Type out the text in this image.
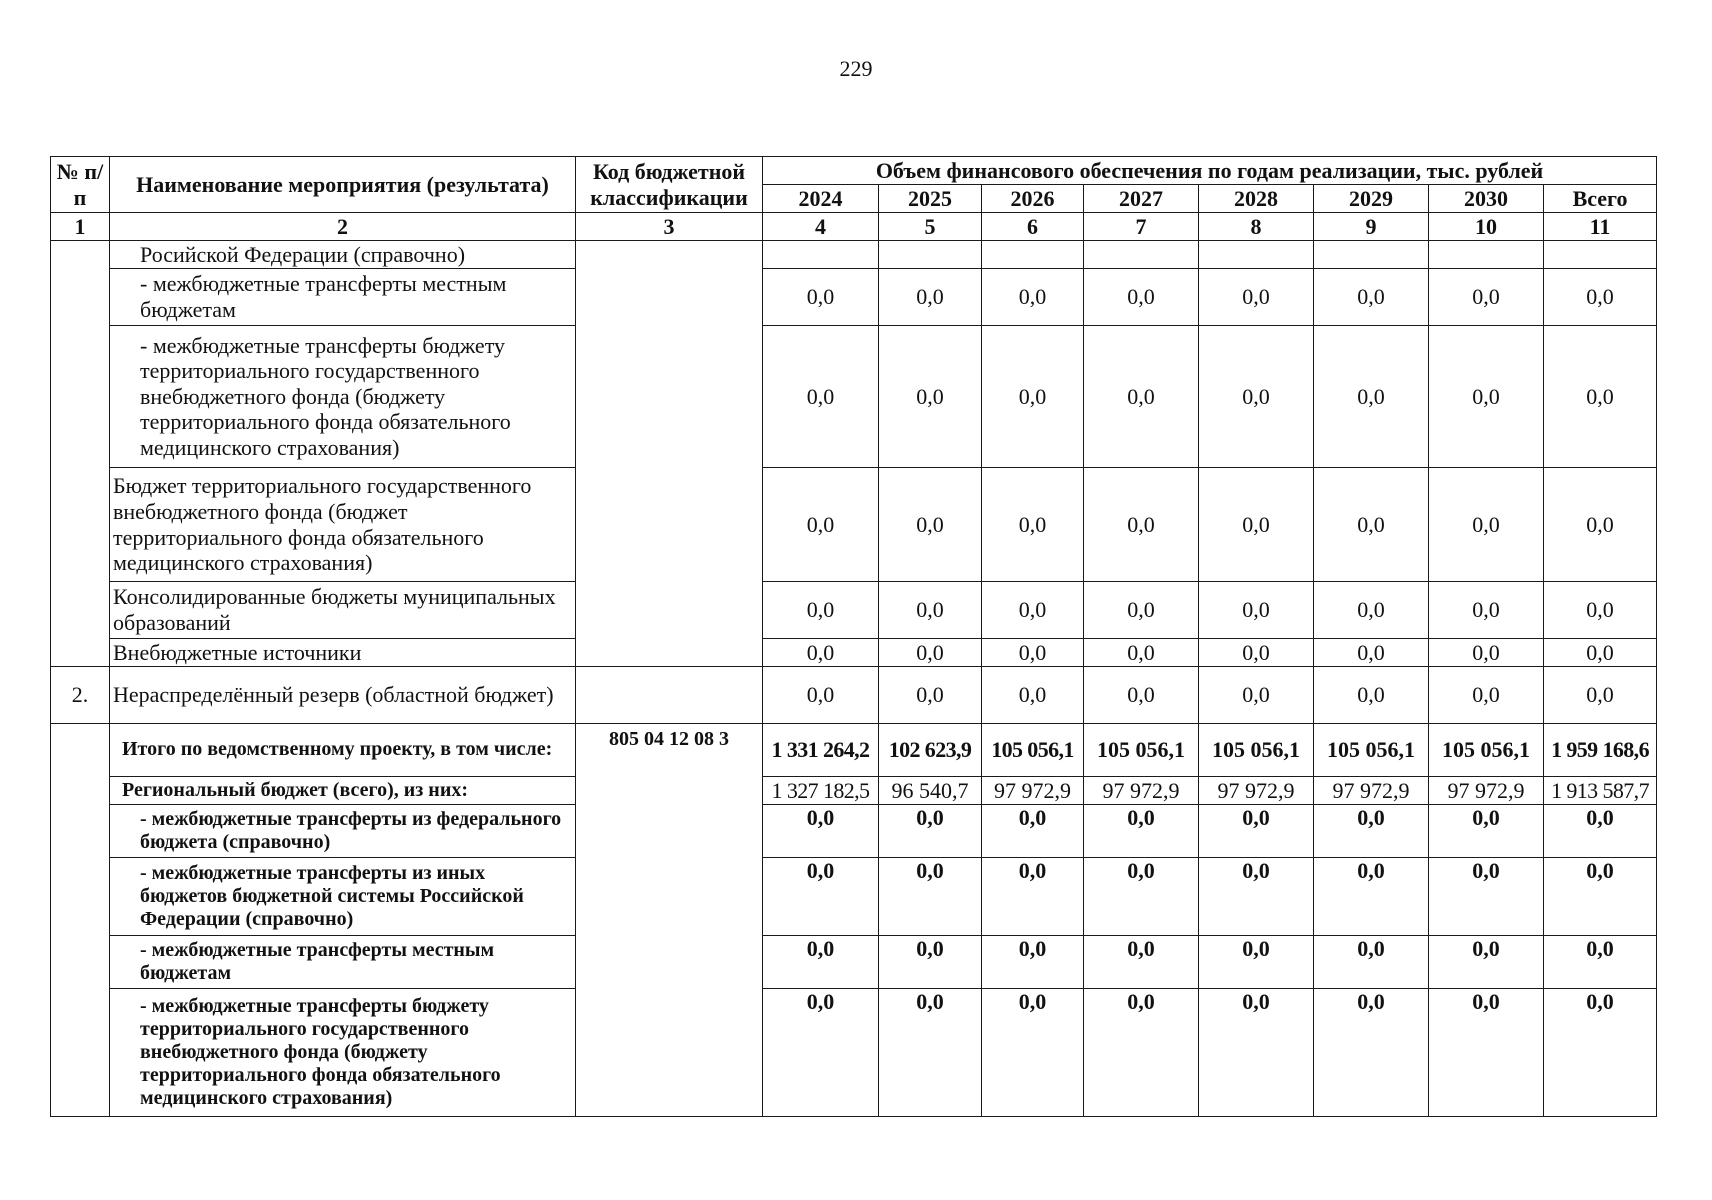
229
№ п/п	Наименование мероприятия (результата)	Код бюджетной классификации	Объем финансового обеспечения по годам реализации, тыс. рублей							
			2024	2025	2026	2027	2028	2029	2030	Всего
1	2	3	4	5	6	7	8	9	10	11
	Росийской Федерации (справочно)									
	- межбюджетные трансферты местным бюджетам		0,0	0,0	0,0	0,0	0,0	0,0	0,0	0,0
	- межбюджетные трансферты бюджету территориального государственного внебюджетного фонда (бюджету территориального фонда обязательного медицинского страхования)		0,0	0,0	0,0	0,0	0,0	0,0	0,0	0,0
	Бюджет территориального государственного внебюджетного фонда (бюджет территориального фонда обязательного медицинского страхования)		0,0	0,0	0,0	0,0	0,0	0,0	0,0	0,0
	Консолидированные бюджеты муниципальных образований		0,0	0,0	0,0	0,0	0,0	0,0	0,0	0,0
	Внебюджетные источники		0,0	0,0	0,0	0,0	0,0	0,0	0,0	0,0
2.	Нераспределённый резерв (областной бюджет)		0,0	0,0	0,0	0,0	0,0	0,0	0,0	0,0
	Итого по ведомственному проекту, в том числе:	805 04 12 08 3	1 331 264,2	102 623,9	105 056,1	105 056,1	105 056,1	105 056,1	105 056,1	1 959 168,6
	Региональный бюджет (всего), из них:		1 327 182,5	96 540,7	97 972,9	97 972,9	97 972,9	97 972,9	97 972,9	1 913 587,7
	- межбюджетные трансферты из федерального бюджета (справочно)		0,0	0,0	0,0	0,0	0,0	0,0	0,0	0,0
	- межбюджетные трансферты из иных бюджетов бюджетной системы Российской Федерации (справочно)		0,0	0,0	0,0	0,0	0,0	0,0	0,0	0,0
	- межбюджетные трансферты местным бюджетам		0,0	0,0	0,0	0,0	0,0	0,0	0,0	0,0
	- межбюджетные трансферты бюджету территориального государственного внебюджетного фонда (бюджету территориального фонда обязательного медицинского страхования)		0,0	0,0	0,0	0,0	0,0	0,0	0,0	0,0
